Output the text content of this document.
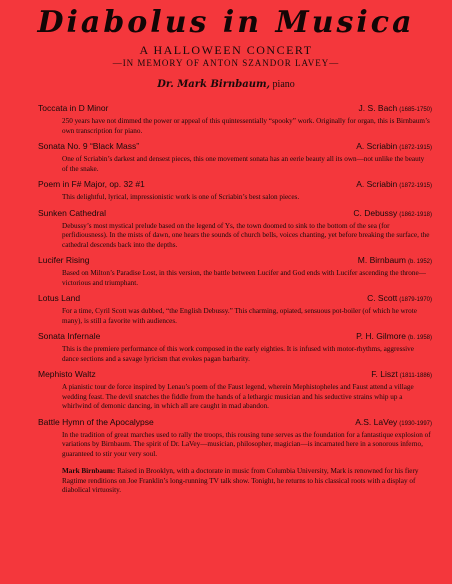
Diabolus in Musica
A HALLOWEEN CONCERT
—IN MEMORY OF ANTON SZANDOR LAVEY—
Dr. Mark Birnbaum, piano
Toccata in D Minor	J. S. Bach (1685-1750)
250 years have not dimmed the power or appeal of this quintessentially “spooky” work. Originally for organ, this is Birnbaum’s own transcription for piano.
Sonata No. 9 “Black Mass”	A. Scriabin (1872-1915)
One of Scriabin’s darkest and densest pieces, this one movement sonata has an eerie beauty all its own—not unlike the beauty of the snake.
Poem in F# Major, op. 32 #1	A. Scriabin (1872-1915)
This delightful, lyrical, impressionistic work is one of Scriabin’s best salon pieces.
Sunken Cathedral	C. Debussy (1862-1918)
Debussy’s most mystical prelude based on the legend of Ys, the town doomed to sink to the bottom of the sea (for perfidiousness). In the mists of dawn, one hears the sounds of church bells, voices chanting, yet before breaking the surface, the cathedral descends back into the depths.
Lucifer Rising	M. Birnbaum (b. 1952)
Based on Milton’s Paradise Lost, in this version, the battle between Lucifer and God ends with Lucifer ascending the throne—victorious and triumphant.
Lotus Land	C. Scott (1879-1970)
For a time, Cyril Scott was dubbed, “the English Debussy.” This charming, opiated, sensuous pot-boiler (of which he wrote many), is still a favorite with audiences.
Sonata Infernale	P. H. Gilmore (b. 1958)
This is the premiere performance of this work composed in the early eighties. It is infused with motor-rhythms, aggressive dance sections and a savage lyricism that evokes pagan barbarity.
Mephisto Waltz	F. Liszt (1811-1886)
A pianistic tour de force inspired by Lenau’s poem of the Faust legend, wherein Mephistopheles and Faust attend a village wedding feast. The devil snatches the fiddle from the hands of a lethargic musician and his seductive strains whip up a whirlwind of demonic dancing, in which all are caught in mad abandon.
Battle Hymn of the Apocalypse	A.S. LaVey (1930-1997)
In the tradition of great marches used to rally the troops, this rousing tune serves as the foundation for a fantastique explosion of variations by Birnbaum. The spirit of Dr. LaVey—musician, philosopher, magician—is incarnated here in a sonorous inferno, guaranteed to stir your very soul.
Mark Birnbaum: Raised in Brooklyn, with a doctorate in music from Columbia University, Mark is renowned for his fiery Ragtime renditions on Joe Franklin’s long-running TV talk show. Tonight, he returns to his classical roots with a display of diabolical virtuosity.
